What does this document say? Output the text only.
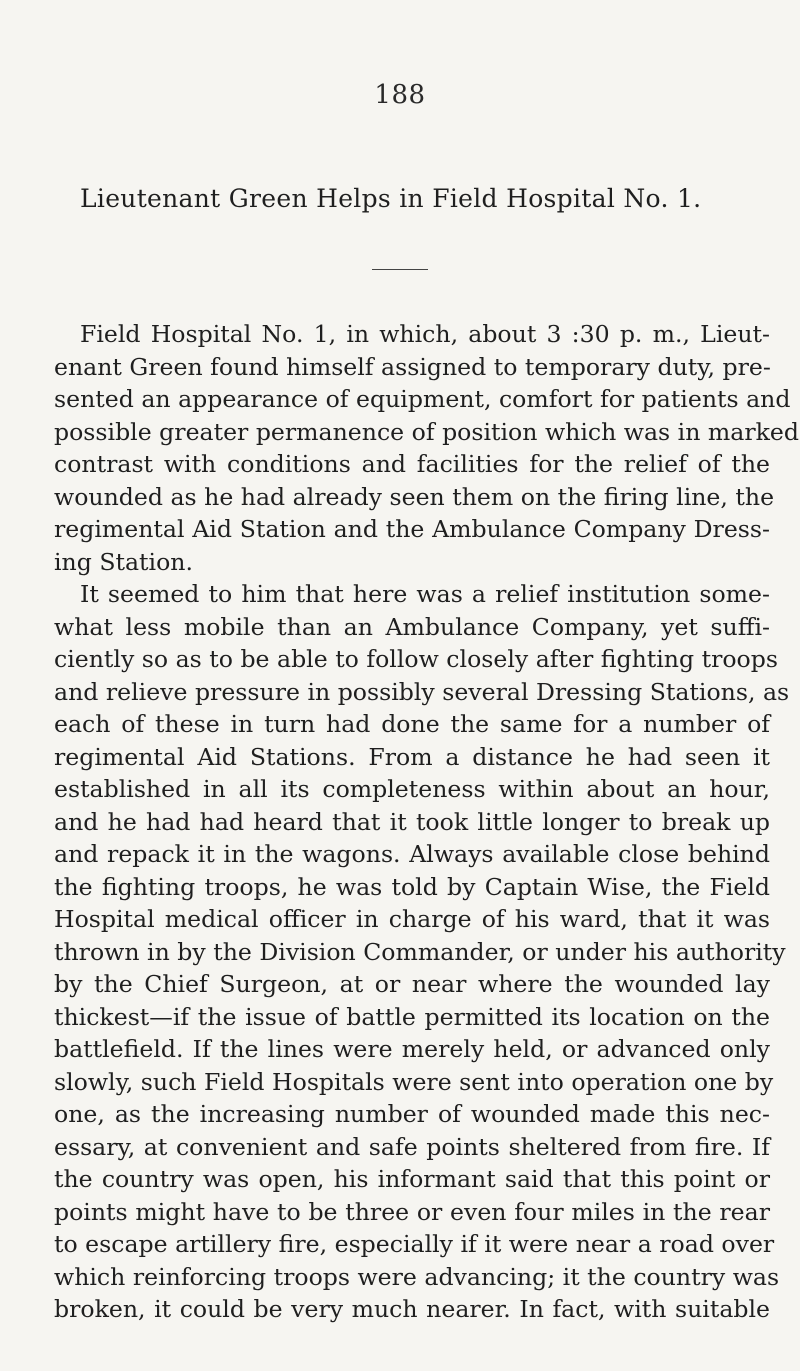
188
Lieutenant Green Helps in Field Hospital No. 1.
Field Hospital No. 1, in which, about 3 :30 p. m., Lieut-
enant Green found himself assigned to temporary duty, pre-
sented an appearance of equipment, comfort for patients and
possible greater permanence of position which was in marked
contrast with conditions and facilities for the relief of the
wounded as he had already seen them on the firing line, the
regimental Aid Station and the Ambulance Company Dress-
ing Station.
It seemed to him that here was a relief institution some-
what less mobile than an Ambulance Company, yet suffi-
ciently so as to be able to follow closely after fighting troops
and relieve pressure in possibly several Dressing Stations, as
each of these in turn had done the same for a number of
regimental Aid Stations. From a distance he had seen it
established in all its completeness within about an hour,
and he had had heard that it took little longer to break up
and repack it in the wagons. Always available close behind
the fighting troops, he was told by Captain Wise, the Field
Hospital medical officer in charge of his ward, that it was
thrown in by the Division Commander, or under his authority
by the Chief Surgeon, at or near where the wounded lay
thickest—if the issue of battle permitted its location on the
battlefield. If the lines were merely held, or advanced only
slowly, such Field Hospitals were sent into operation one by
one, as the increasing number of wounded made this nec-
essary, at convenient and safe points sheltered from fire. If
the country was open, his informant said that this point or
points might have to be three or even four miles in the rear
to escape artillery fire, especially if it were near a road over
which reinforcing troops were advancing; it the country was
broken, it could be very much nearer. In fact, with suitable
